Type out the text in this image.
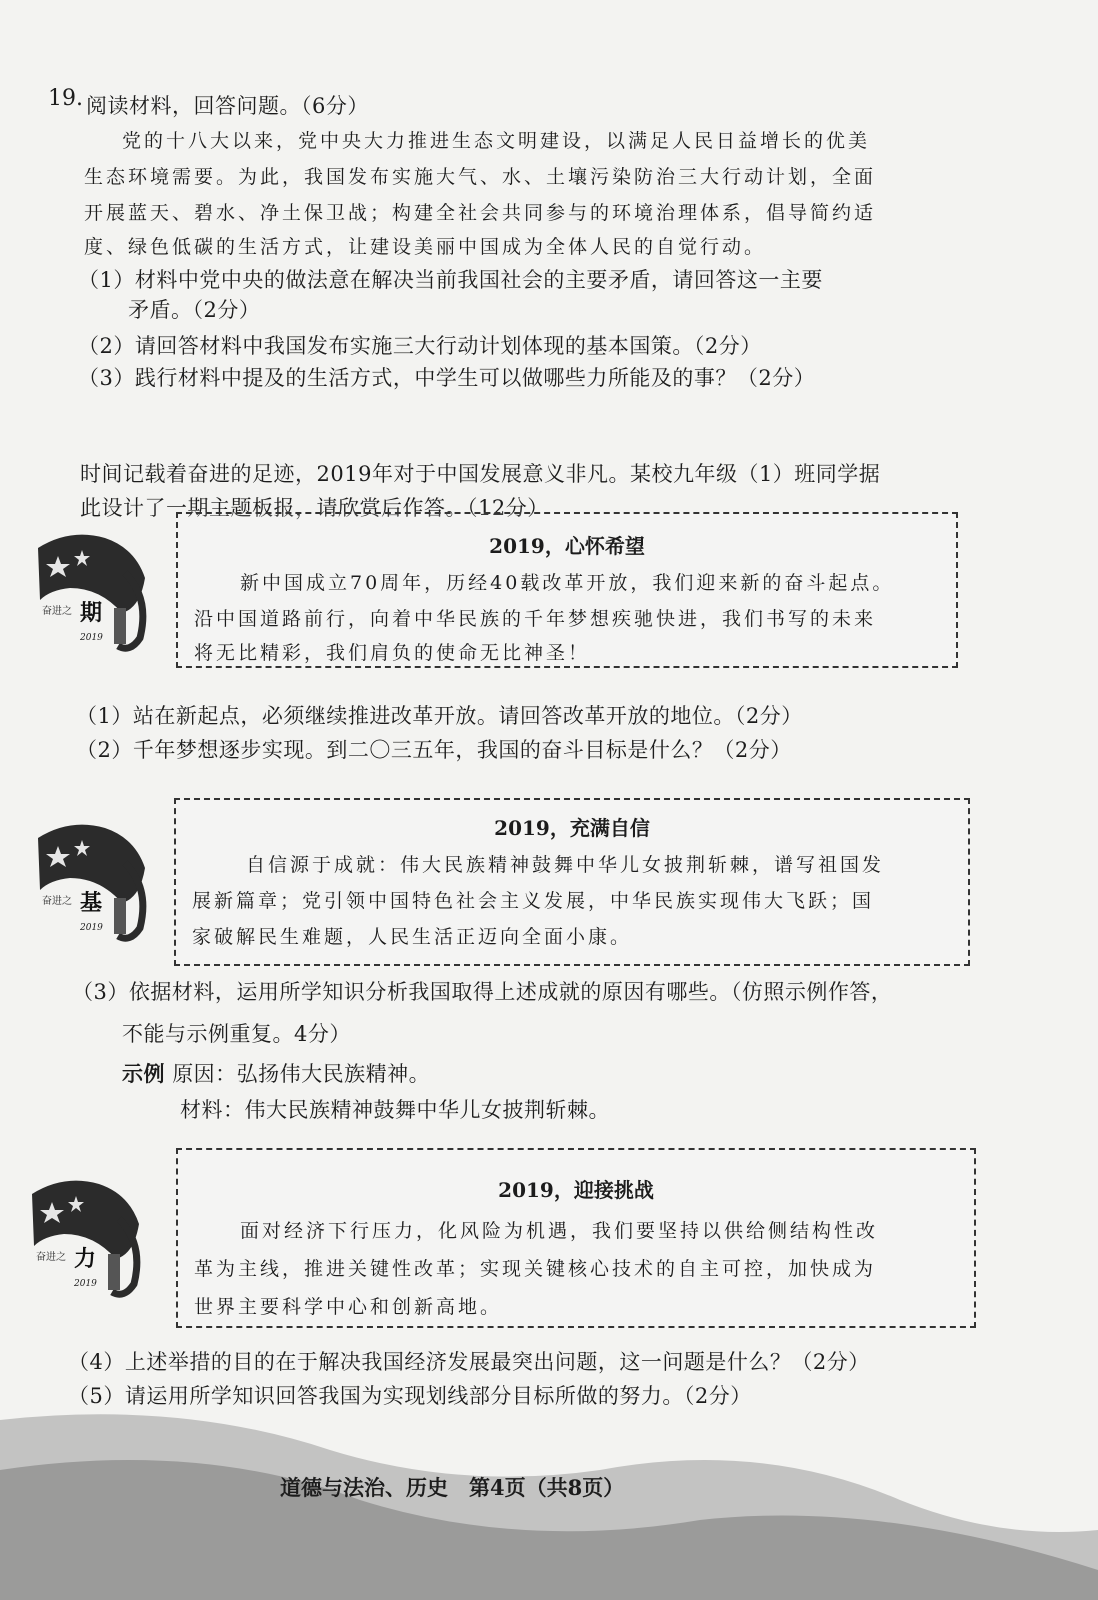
19. 阅读材料，回答问题。（6分）
党的十八大以来，党中央大力推进生态文明建设，以满足人民日益增长的优美
生态环境需要。为此，我国发布实施大气、水、土壤污染防治三大行动计划，全面
开展蓝天、碧水、净土保卫战；构建全社会共同参与的环境治理体系，倡导简约适
度、绿色低碳的生活方式，让建设美丽中国成为全体人民的自觉行动。
（1）材料中党中央的做法意在解决当前我国社会的主要矛盾，请回答这一主要
矛盾。（2分）
（2）请回答材料中我国发布实施三大行动计划体现的基本国策。（2分）
（3）践行材料中提及的生活方式，中学生可以做哪些力所能及的事？（2分）
时间记载着奋进的足迹，2019年对于中国发展意义非凡。某校九年级（1）班同学据
此设计了一期主题板报，请欣赏后作答。（12分）
奋进之 期
2019
2019，心怀希望
新中国成立70周年，历经40载改革开放，我们迎来新的奋斗起点。
沿中国道路前行，向着中华民族的千年梦想疾驰快进，我们书写的未来
将无比精彩，我们肩负的使命无比神圣！
（1）站在新起点，必须继续推进改革开放。请回答改革开放的地位。（2分）
（2）千年梦想逐步实现。到二〇三五年，我国的奋斗目标是什么？（2分）
奋进之 基
2019
2019，充满自信
自信源于成就：伟大民族精神鼓舞中华儿女披荆斩棘，谱写祖国发
展新篇章；党引领中国特色社会主义发展，中华民族实现伟大飞跃；国
家破解民生难题，人民生活正迈向全面小康。
（3）依据材料，运用所学知识分析我国取得上述成就的原因有哪些。（仿照示例作答，
不能与示例重复。4分）
示例 原因：弘扬伟大民族精神。
材料：伟大民族精神鼓舞中华儿女披荆斩棘。
奋进之 力
2019
2019，迎接挑战
面对经济下行压力，化风险为机遇，我们要坚持以供给侧结构性改
革为主线，推进关键性改革；实现关键核心技术的自主可控，加快成为
世界主要科学中心和创新高地。
（4）上述举措的目的在于解决我国经济发展最突出问题，这一问题是什么？（2分）
（5）请运用所学知识回答我国为实现划线部分目标所做的努力。（2分）
道德与法治、历史　第4页（共8页）
